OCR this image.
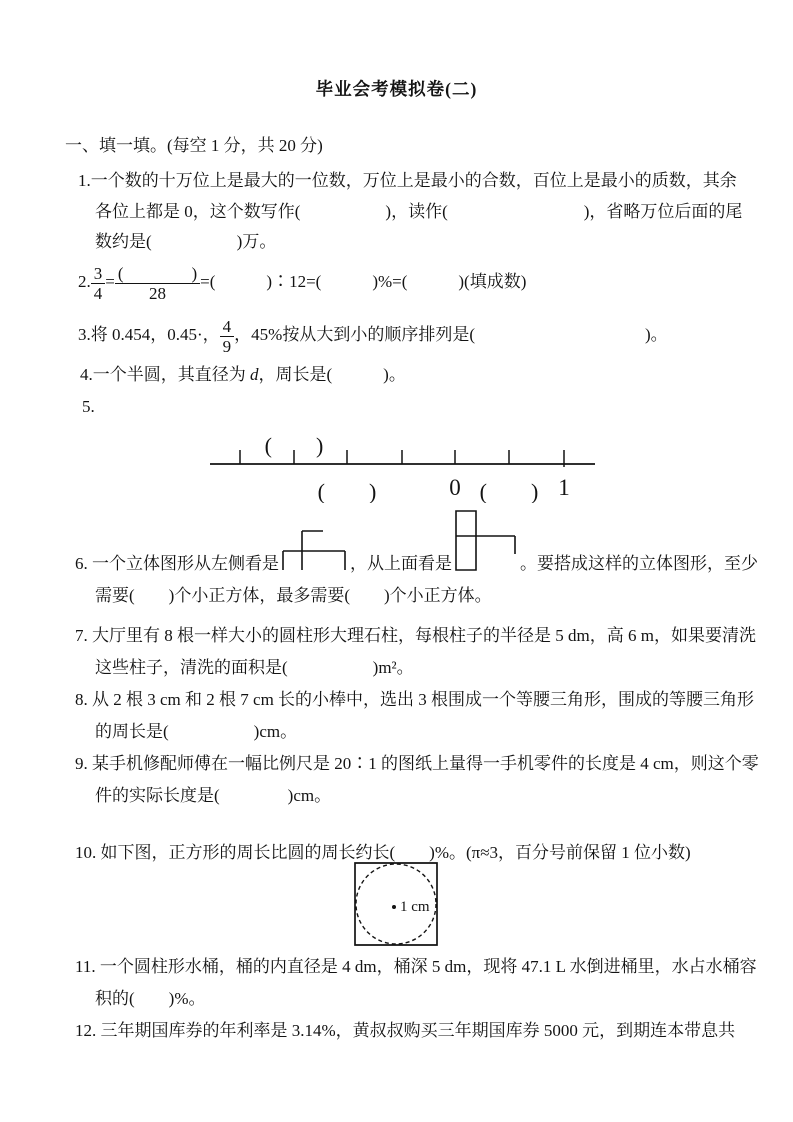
毕业会考模拟卷(二)
一、填一填。(每空 1 分，共 20 分)
1.一个数的十万位上是最大的一位数，万位上是最小的合数，百位上是最小的质数，其余各位上都是 0，这个数写作(　　　　　)，读作(　　　　　　　　)，省略万位后面的尾数约是(　　　　　)万。
2. $\frac{3}{4} = \frac{( )}{28}$ =(　　　)∶12=(　　　)%=(　　　)(填成数)
3.将 0.454，0.45·， $\frac{4}{9}$ ，45%按从大到小的顺序排列是(　　　　　　　　　　)。
4.一个半圆，其直径为 d，周长是(　　　)。
5.
(　　)
(　　)	0 (　　) 1
6. 一个立体图形从左侧看是	，从上面看是	。要搭成这样的立体图形，至少需要(　　)个小正方体，最多需要(　　)个小正方体。
7. 大厅里有 8 根一样大小的圆柱形大理石柱，每根柱子的半径是 5 dm，高 6 m，如果要清洗这些柱子，清洗的面积是(　　　　　)m²。
8. 从 2 根 3 cm 和 2 根 7 cm 长的小棒中，选出 3 根围成一个等腰三角形，围成的等腰三角形的周长是(　　　　　)cm。
9. 某手机修配师傅在一幅比例尺是 20∶1 的图纸上量得一手机零件的长度是 4 cm，则这个零件的实际长度是(　　　　)cm。
10. 如下图，正方形的周长比圆的周长约长(　　)%。(π≈3，百分号前保留 1 位小数)
1 cm
11. 一个圆柱形水桶，桶的内直径是 4 dm，桶深 5 dm，现将 47.1 L 水倒进桶里，水占水桶容积的(　　)%。
12. 三年期国库券的年利率是 3.14%，黄叔叔购买三年期国库券 5000 元，到期连本带息共
